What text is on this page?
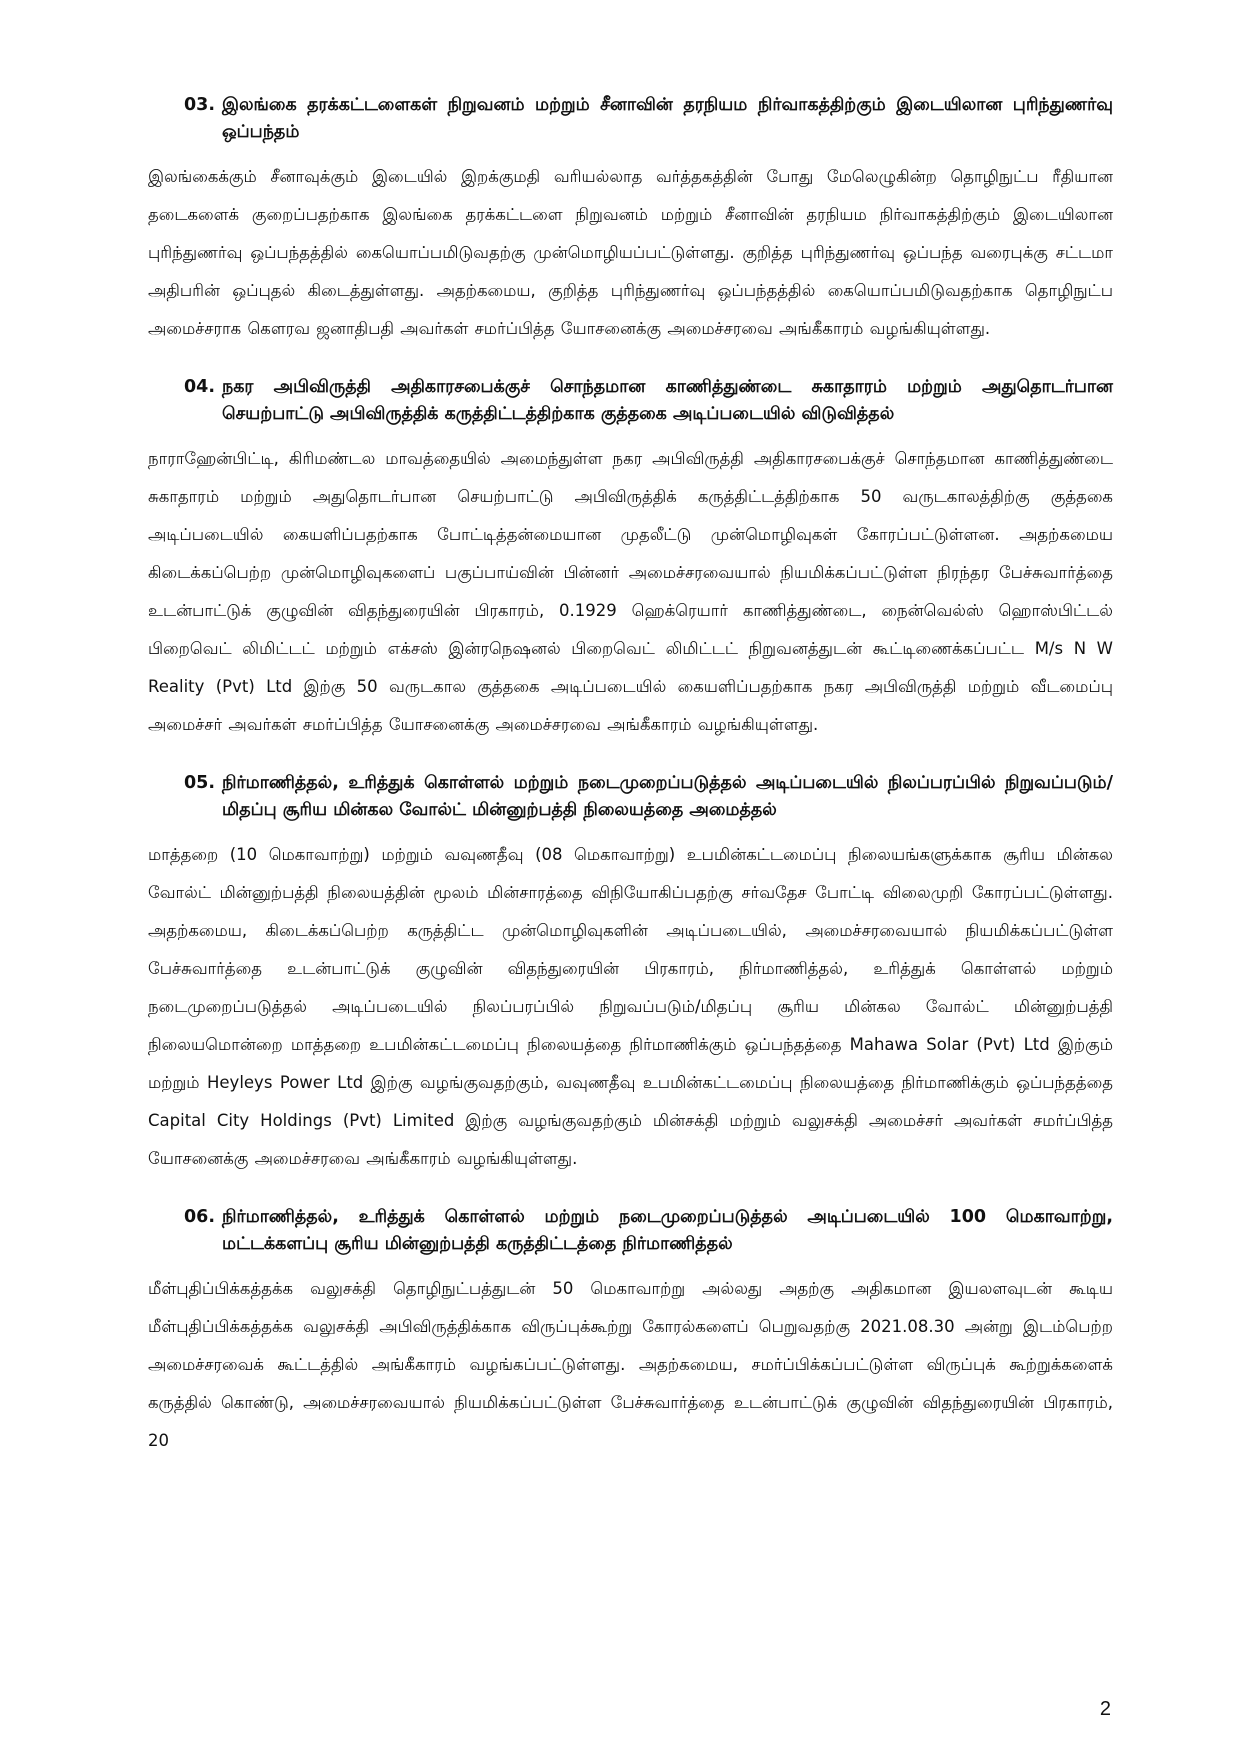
03. இலங்கை தரக்கட்டளைகள் நிறுவனம் மற்றும் சீனாவின் தரநியம நிர்வாகத்திற்கும் இடையிலான புரிந்துணர்வு ஒப்பந்தம்

இலங்கைக்கும் சீனாவுக்கும் இடையில் இறக்குமதி வரியல்லாத வர்த்தகத்தின் போது மேலெழுகின்ற தொழிநுட்ப ரீதியான தடைகளைக் குறைப்பதற்காக இலங்கை தரக்கட்டளை நிறுவனம் மற்றும் சீனாவின் தரநியம நிர்வாகத்திற்கும் இடையிலான புரிந்துணர்வு ஒப்பந்தத்தில் கையொப்பமிடுவதற்கு முன்மொழியப்பட்டுள்ளது. குறித்த புரிந்துணர்வு ஒப்பந்த வரைபுக்கு சட்டமா அதிபரின் ஒப்புதல் கிடைத்துள்ளது. அதற்கமைய, குறித்த புரிந்துணர்வு ஒப்பந்தத்தில் கையொப்பமிடுவதற்காக தொழிநுட்ப அமைச்சராக கௌரவ ஜனாதிபதி அவர்கள் சமர்ப்பித்த யோசனைக்கு அமைச்சரவை அங்கீகாரம் வழங்கியுள்ளது.

04. நகர அபிவிருத்தி அதிகாரசபைக்குச் சொந்தமான காணித்துண்டை சுகாதாரம் மற்றும் அதுதொடர்பான செயற்பாட்டு அபிவிருத்திக் கருத்திட்டத்திற்காக குத்தகை அடிப்படையில் விடுவித்தல்

நாராஹேன்பிட்டி, கிரிமண்டல மாவத்தையில் அமைந்துள்ள நகர அபிவிருத்தி அதிகாரசபைக்குச் சொந்தமான காணித்துண்டை சுகாதாரம் மற்றும் அதுதொடர்பான செயற்பாட்டு அபிவிருத்திக் கருத்திட்டத்திற்காக 50 வருடகாலத்திற்கு குத்தகை அடிப்படையில் கையளிப்பதற்காக போட்டித்தன்மையான முதலீட்டு முன்மொழிவுகள் கோரப்பட்டுள்ளன. அதற்கமைய கிடைக்கப்பெற்ற முன்மொழிவுகளைப் பகுப்பாய்வின் பின்னர் அமைச்சரவையால் நியமிக்கப்பட்டுள்ள நிரந்தர பேச்சுவார்த்தை உடன்பாட்டுக் குழுவின் விதந்துரையின் பிரகாரம், 0.1929 ஹெக்ரெயார் காணித்துண்டை, நைன்வெல்ஸ் ஹொஸ்பிட்டல் பிறைவெட் லிமிட்டட் மற்றும் எக்சஸ் இன்ரநெஷனல் பிறைவெட் லிமிட்டட் நிறுவனத்துடன் கூட்டிணைக்கப்பட்ட M/s N W Reality (Pvt) Ltd இற்கு 50 வருடகால குத்தகை அடிப்படையில் கையளிப்பதற்காக நகர அபிவிருத்தி மற்றும் வீடமைப்பு அமைச்சர் அவர்கள் சமர்ப்பித்த யோசனைக்கு அமைச்சரவை அங்கீகாரம் வழங்கியுள்ளது.

05. நிர்மாணித்தல், உரித்துக் கொள்ளல் மற்றும் நடைமுறைப்படுத்தல் அடிப்படையில் நிலப்பரப்பில் நிறுவப்படும்/மிதப்பு சூரிய மின்கல வோல்ட் மின்னுற்பத்தி நிலையத்தை அமைத்தல்

மாத்தறை (10 மெகாவாற்று) மற்றும் வவுணதீவு (08 மெகாவாற்று) உபமின்கட்டமைப்பு நிலையங்களுக்காக சூரிய மின்கல வோல்ட் மின்னுற்பத்தி நிலையத்தின் மூலம் மின்சாரத்தை விநியோகிப்பதற்கு சர்வதேச போட்டி விலைமுறி கோரப்பட்டுள்ளது. அதற்கமைய, கிடைக்கப்பெற்ற கருத்திட்ட முன்மொழிவுகளின் அடிப்படையில், அமைச்சரவையால் நியமிக்கப்பட்டுள்ள பேச்சுவார்த்தை உடன்பாட்டுக் குழுவின் விதந்துரையின் பிரகாரம், நிர்மாணித்தல், உரித்துக் கொள்ளல் மற்றும் நடைமுறைப்படுத்தல் அடிப்படையில் நிலப்பரப்பில் நிறுவப்படும்/மிதப்பு சூரிய மின்கல வோல்ட் மின்னுற்பத்தி நிலையமொன்றை மாத்தறை உபமின்கட்டமைப்பு நிலையத்தை நிர்மாணிக்கும் ஒப்பந்தத்தை Mahawa Solar (Pvt) Ltd இற்கும் மற்றும் Heyleys Power Ltd இற்கு வழங்குவதற்கும், வவுணதீவு உபமின்கட்டமைப்பு நிலையத்தை நிர்மாணிக்கும் ஒப்பந்தத்தை Capital City Holdings (Pvt) Limited இற்கு வழங்குவதற்கும் மின்சக்தி மற்றும் வலுசக்தி அமைச்சர் அவர்கள் சமர்ப்பித்த யோசனைக்கு அமைச்சரவை அங்கீகாரம் வழங்கியுள்ளது.

06. நிர்மாணித்தல், உரித்துக் கொள்ளல் மற்றும் நடைமுறைப்படுத்தல் அடிப்படையில் 100 மெகாவாற்று, மட்டக்களப்பு சூரிய மின்னுற்பத்தி கருத்திட்டத்தை நிர்மாணித்தல்

மீள்புதிப்பிக்கத்தக்க வலுசக்தி தொழிநுட்பத்துடன் 50 மெகாவாற்று அல்லது அதற்கு அதிகமான இயலளவுடன் கூடிய மீள்புதிப்பிக்கத்தக்க வலுசக்தி அபிவிருத்திக்காக விருப்புக்கூற்று கோரல்களைப் பெறுவதற்கு 2021.08.30 அன்று இடம்பெற்ற அமைச்சரவைக் கூட்டத்தில் அங்கீகாரம் வழங்கப்பட்டுள்ளது. அதற்கமைய, சமர்ப்பிக்கப்பட்டுள்ள விருப்புக் கூற்றுக்களைக் கருத்தில் கொண்டு, அமைச்சரவையால் நியமிக்கப்பட்டுள்ள பேச்சுவார்த்தை உடன்பாட்டுக் குழுவின் விதந்துரையின் பிரகாரம், 20

2
